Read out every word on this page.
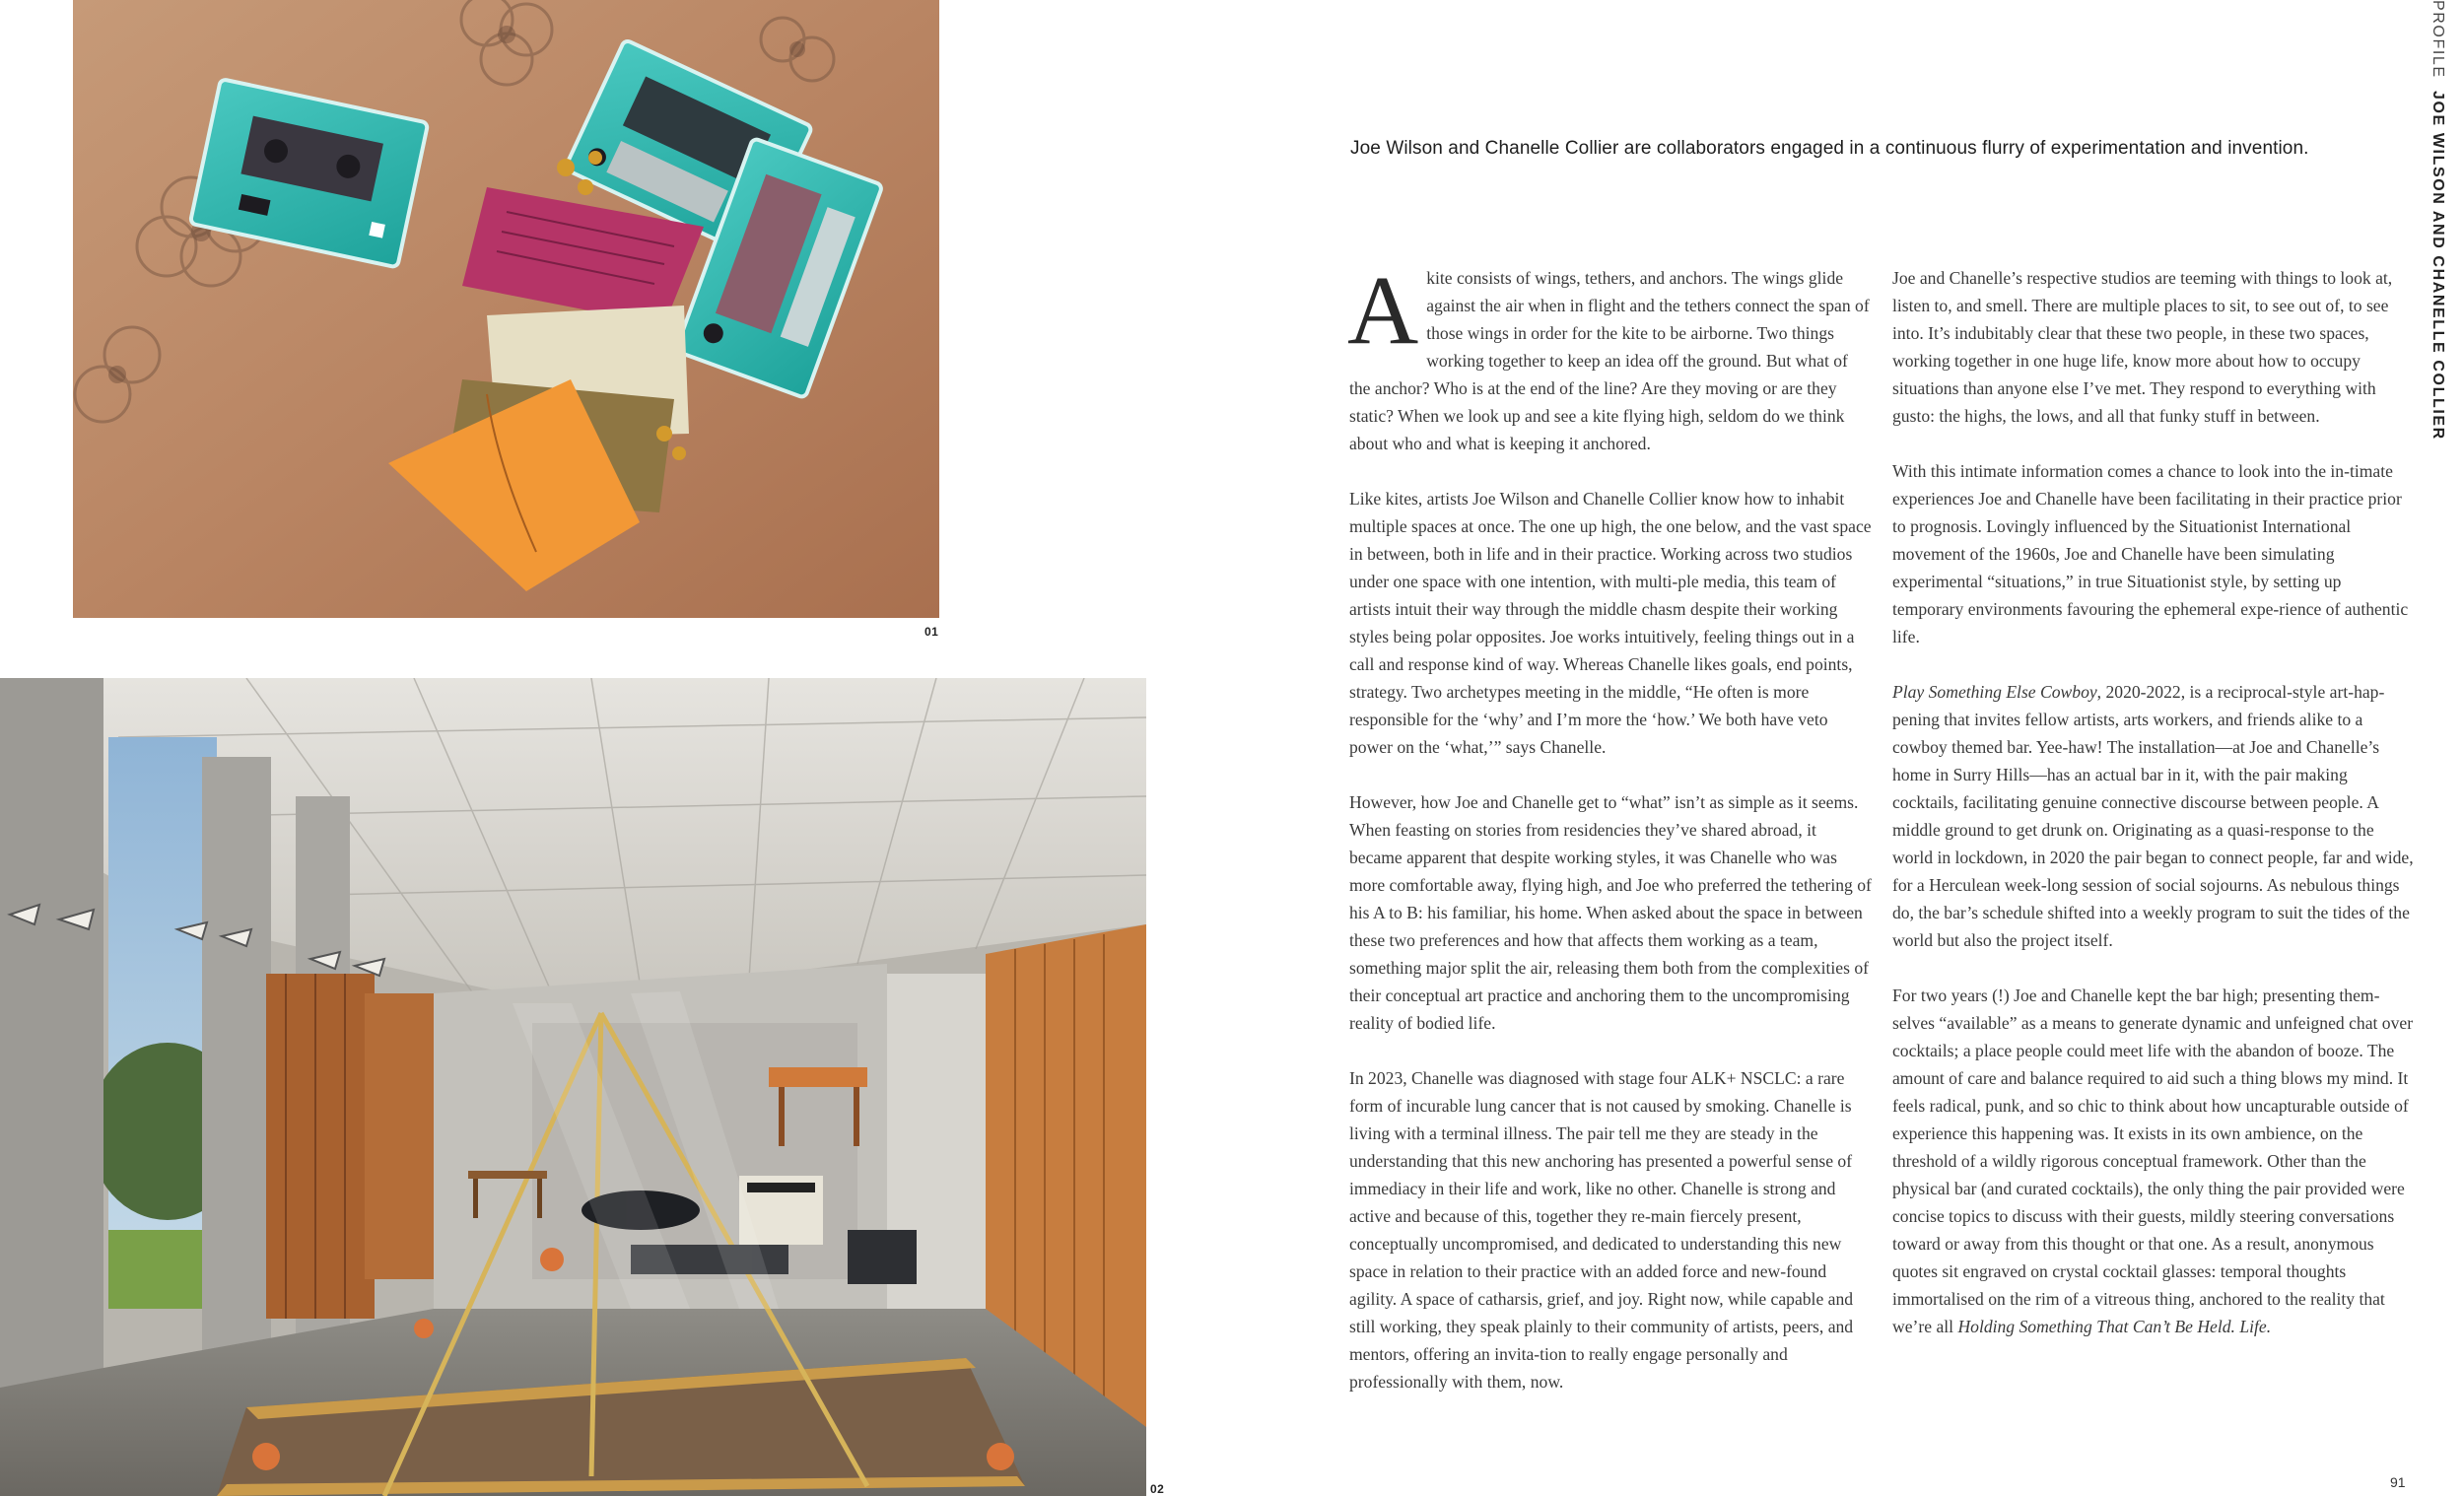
01
02
PROFILE JOE WILSON AND CHANELLE COLLIER
Joe Wilson and Chanelle Collier are collaborators engaged in a continuous flurry of experimentation and invention.

A kite consists of wings, tethers, and anchors. The wings glide against the air when in flight and the tethers connect the span of those wings in order for the kite to be airborne. Two things working together to keep an idea off the ground. But what of the anchor? Who is at the end of the line? Are they moving or are they static? When we look up and see a kite flying high, seldom do we think about who and what is keeping it anchored.

Like kites, artists Joe Wilson and Chanelle Collier know how to inhabit multiple spaces at once. The one up high, the one below, and the vast space in between, both in life and in their practice. Working across two studios under one space with one intention, with multi-ple media, this team of artists intuit their way through the middle chasm despite their working styles being polar opposites. Joe works intuitively, feeling things out in a call and response kind of way. Whereas Chanelle likes goals, end points, strategy. Two archetypes meeting in the middle, “He often is more responsible for the ‘why’ and I’m more the ‘how.’ We both have veto power on the ‘what,’” says Chanelle.

However, how Joe and Chanelle get to “what” isn’t as simple as it seems. When feasting on stories from residencies they’ve shared abroad, it became apparent that despite working styles, it was Chanelle who was more comfortable away, flying high, and Joe who preferred the tethering of his A to B: his familiar, his home. When asked about the space in between these two preferences and how that affects them working as a team, something major split the air, releasing them both from the complexities of their conceptual art practice and anchoring them to the uncompromising reality of bodied life.

In 2023, Chanelle was diagnosed with stage four ALK+ NSCLC: a rare form of incurable lung cancer that is not caused by smoking. Chanelle is living with a terminal illness. The pair tell me they are steady in the understanding that this new anchoring has presented a powerful sense of immediacy in their life and work, like no other. Chanelle is strong and active and because of this, together they re-main fiercely present, conceptually uncompromised, and dedicated to understanding this new space in relation to their practice with an added force and new-found agility. A space of catharsis, grief, and joy. Right now, while capable and still working, they speak plainly to their community of artists, peers, and mentors, offering an invita-tion to really engage personally and professionally with them, now.

Joe and Chanelle’s respective studios are teeming with things to look at, listen to, and smell. There are multiple places to sit, to see out of, to see into. It’s indubitably clear that these two people, in these two spaces, working together in one huge life, know more about how to occupy situations than anyone else I’ve met. They respond to everything with gusto: the highs, the lows, and all that funky stuff in between.

With this intimate information comes a chance to look into the in-timate experiences Joe and Chanelle have been facilitating in their practice prior to prognosis. Lovingly influenced by the Situationist International movement of the 1960s, Joe and Chanelle have been simulating experimental “situations,” in true Situationist style, by setting up temporary environments favouring the ephemeral expe-rience of authentic life.

Play Something Else Cowboy, 2020-2022, is a reciprocal-style art-hap-pening that invites fellow artists, arts workers, and friends alike to a cowboy themed bar. Yee-haw! The installation—at Joe and Chanelle’s home in Surry Hills—has an actual bar in it, with the pair making cocktails, facilitating genuine connective discourse between people. A middle ground to get drunk on. Originating as a quasi-response to the world in lockdown, in 2020 the pair began to connect people, far and wide, for a Herculean week-long session of social sojourns. As nebulous things do, the bar’s schedule shifted into a weekly program to suit the tides of the world but also the project itself.

For two years (!) Joe and Chanelle kept the bar high; presenting them-selves “available” as a means to generate dynamic and unfeigned chat over cocktails; a place people could meet life with the abandon of booze. The amount of care and balance required to aid such a thing blows my mind. It feels radical, punk, and so chic to think about how uncapturable outside of experience this happening was. It exists in its own ambience, on the threshold of a wildly rigorous conceptual framework. Other than the physical bar (and curated cocktails), the only thing the pair provided were concise topics to discuss with their guests, mildly steering conversations toward or away from this thought or that one. As a result, anonymous quotes sit engraved on crystal cocktail glasses: temporal thoughts immortalised on the rim of a vitreous thing, anchored to the reality that we’re all Holding Something That Can’t Be Held. Life.

91
